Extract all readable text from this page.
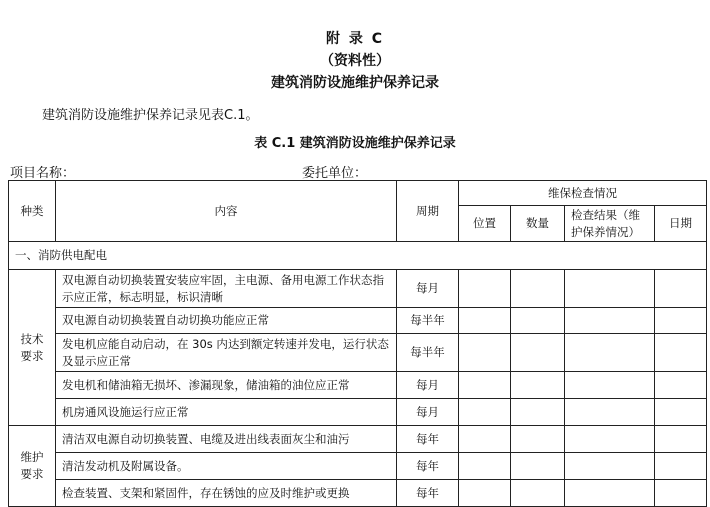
附 录 C
（资料性）
建筑消防设施维护保养记录
建筑消防设施维护保养记录见表C.1。
表 C.1 建筑消防设施维护保养记录
项目名称：	委托单位：
种类	内容	周期	维保检查情况			
			位置	数量	检查结果（维护保养情况）	日期
一、消防供电配电						
技术要求	双电源自动切换装置安装应牢固，主电源、备用电源工作状态指示应正常，标志明显，标识清晰	每月				
	双电源自动切换装置自动切换功能应正常	每半年				
	发电机应能自动启动，在 30s 内达到额定转速并发电，运行状态及显示应正常	每半年				
	发电机和储油箱无损坏、渗漏现象，储油箱的油位应正常	每月				
	机房通风设施运行应正常	每月				
维护要求	清洁双电源自动切换装置、电缆及进出线表面灰尘和油污	每年				
	清洁发动机及附属设备。	每年				
	检查装置、支架和紧固件，存在锈蚀的应及时维护或更换	每年				
